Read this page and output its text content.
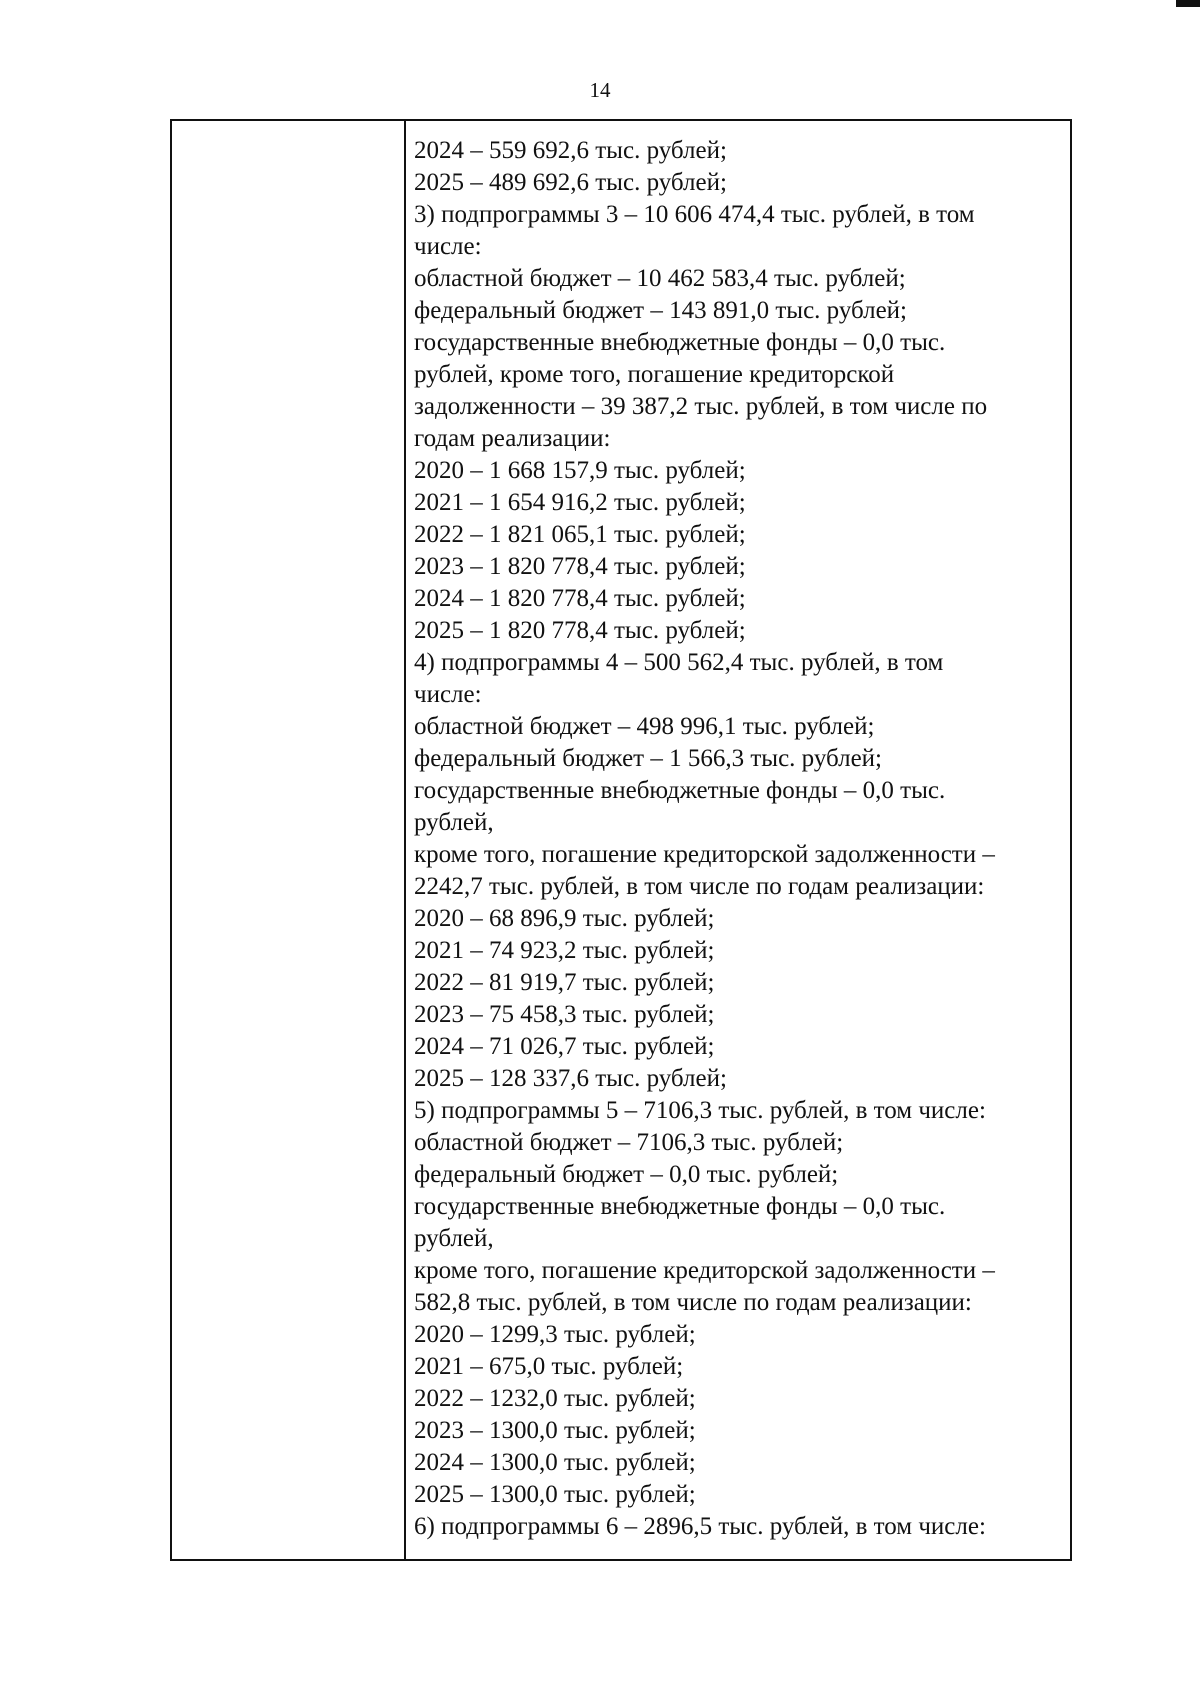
14
2024 – 559 692,6 тыс. рублей;
2025 – 489 692,6 тыс. рублей;
3) подпрограммы 3 – 10 606 474,4 тыс. рублей, в том
числе:
областной бюджет – 10 462 583,4 тыс. рублей;
федеральный бюджет – 143 891,0 тыс. рублей;
государственные внебюджетные фонды – 0,0 тыс.
рублей, кроме того, погашение кредиторской
задолженности – 39 387,2 тыс. рублей, в том числе по
годам реализации:
2020 – 1 668 157,9 тыс. рублей;
2021 – 1 654 916,2 тыс. рублей;
2022 – 1 821 065,1 тыс. рублей;
2023 – 1 820 778,4 тыс. рублей;
2024 – 1 820 778,4 тыс. рублей;
2025 – 1 820 778,4 тыс. рублей;
4) подпрограммы 4 – 500 562,4 тыс. рублей, в том
числе:
областной бюджет – 498 996,1 тыс. рублей;
федеральный бюджет – 1 566,3 тыс. рублей;
государственные внебюджетные фонды – 0,0 тыс.
рублей,
кроме того, погашение кредиторской задолженности –
2242,7 тыс. рублей, в том числе по годам реализации:
2020 – 68 896,9 тыс. рублей;
2021 – 74 923,2 тыс. рублей;
2022 – 81 919,7 тыс. рублей;
2023 – 75 458,3 тыс. рублей;
2024 – 71 026,7 тыс. рублей;
2025 – 128 337,6 тыс. рублей;
5) подпрограммы 5 – 7106,3 тыс. рублей, в том числе:
областной бюджет – 7106,3 тыс. рублей;
федеральный бюджет – 0,0 тыс. рублей;
государственные внебюджетные фонды – 0,0 тыс.
рублей,
кроме того, погашение кредиторской задолженности –
582,8 тыс. рублей, в том числе по годам реализации:
2020 – 1299,3 тыс. рублей;
2021 – 675,0 тыс. рублей;
2022 – 1232,0 тыс. рублей;
2023 – 1300,0 тыс. рублей;
2024 – 1300,0 тыс. рублей;
2025 – 1300,0 тыс. рублей;
6) подпрограммы 6 – 2896,5 тыс. рублей, в том числе:
